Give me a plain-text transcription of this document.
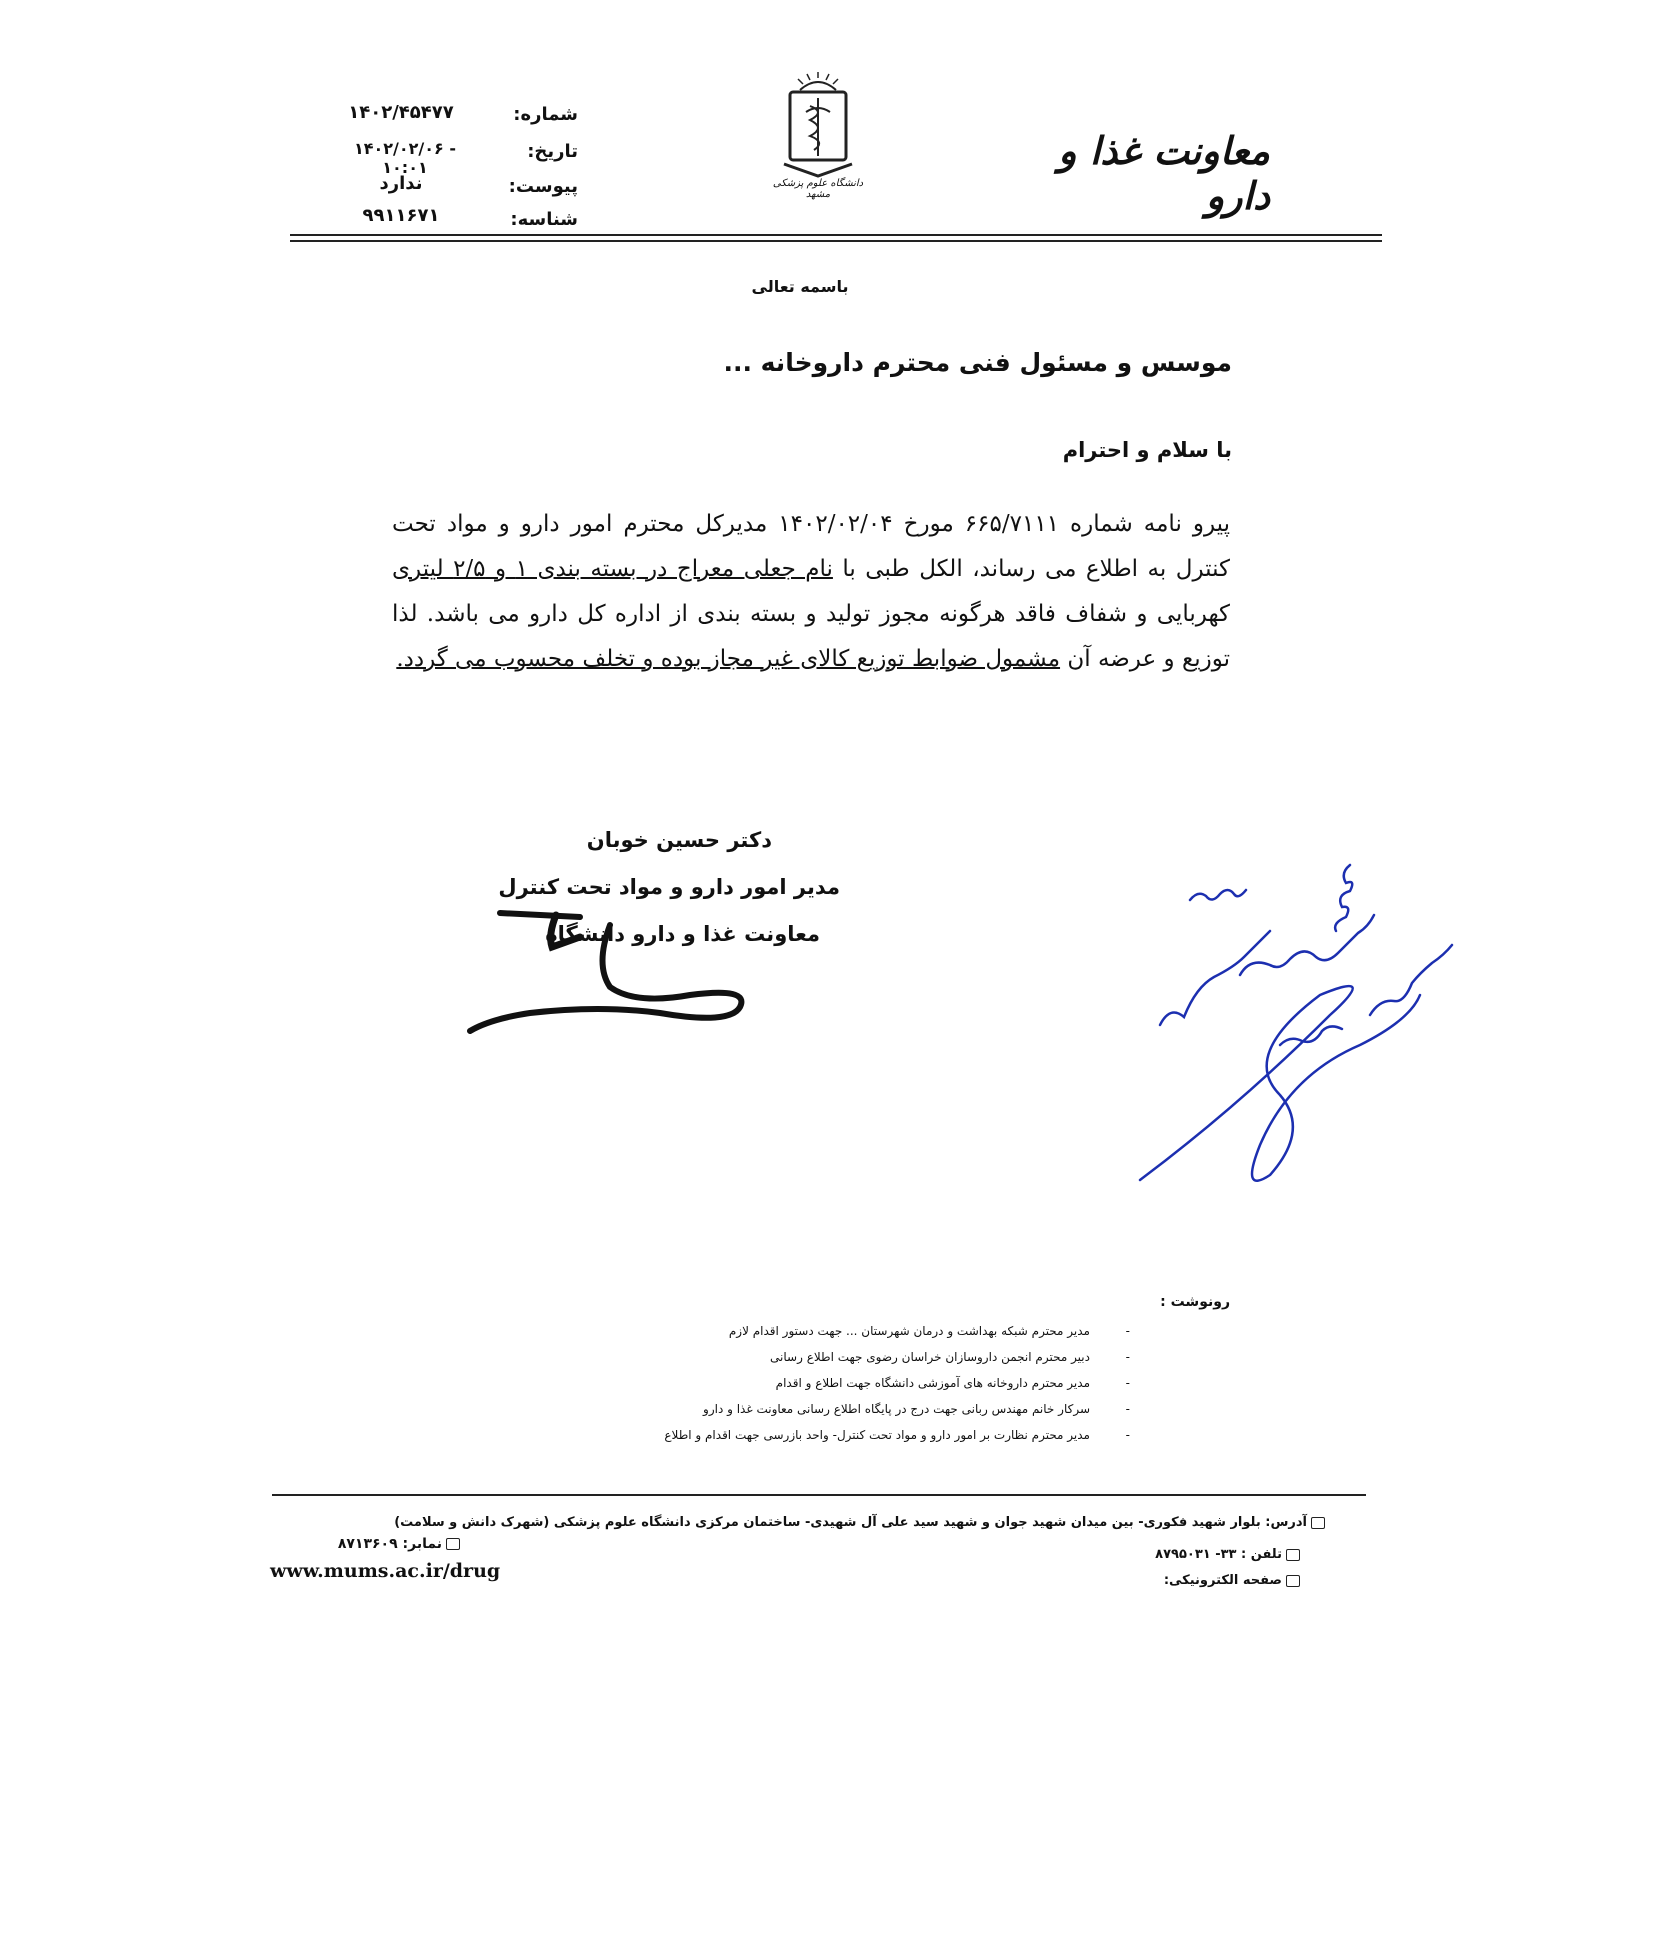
معاونت غذا و دارو
دانشگاه علوم پزشکی مشهد
شماره:
۱۴۰۲/۴۵۴۷۷
تاریخ:
۱۴۰۲/۰۲/۰۶ - ۱۰:۰۱
پیوست:
ندارد
شناسه:
۹۹۱۱۶۷۱
باسمه تعالی
موسس و مسئول فنی محترم داروخانه ...
با سلام و احترام
پیرو نامه شماره ۶۶۵/۷۱۱۱ مورخ ۱۴۰۲/۰۲/۰۴ مدیرکل محترم امور دارو و مواد تحت کنترل به اطلاع می رساند، الکل طبی با نام جعلی معراج در بسته بندی ۱ و ۲/۵ لیتری کهربایی و شفاف فاقد هرگونه مجوز تولید و بسته بندی از اداره کل دارو می باشد. لذا توزیع و عرضه آن مشمول ضوابط توزیع کالای غیر مجاز بوده و تخلف محسوب می گردد.
دکتر حسین خوبان
مدیر امور دارو و مواد تحت کنترل
معاونت غذا و دارو دانشگاه
رونوشت :
-
مدیر محترم شبکه بهداشت و درمان شهرستان ... جهت دستور اقدام لازم
-
دبیر محترم انجمن داروسازان خراسان رضوی جهت اطلاع رسانی
-
مدیر محترم داروخانه های آموزشی دانشگاه جهت اطلاع و اقدام
-
سرکار خانم مهندس ربانی جهت درج در پایگاه اطلاع رسانی معاونت غذا و دارو
-
مدیر محترم نظارت بر امور دارو و مواد تحت کنترل- واحد بازرسی جهت اقدام و اطلاع
آدرس: بلوار شهید فکوری- بین میدان شهید جوان و شهید سید علی آل شهیدی- ساختمان مرکزی دانشگاه علوم پزشکی (شهرک دانش و سلامت)
تلفن : ۳۳- ۸۷۹۵۰۳۱
صفحه الکترونیکی:
نمابر: ۸۷۱۳۶۰۹
www.mums.ac.ir/drug
